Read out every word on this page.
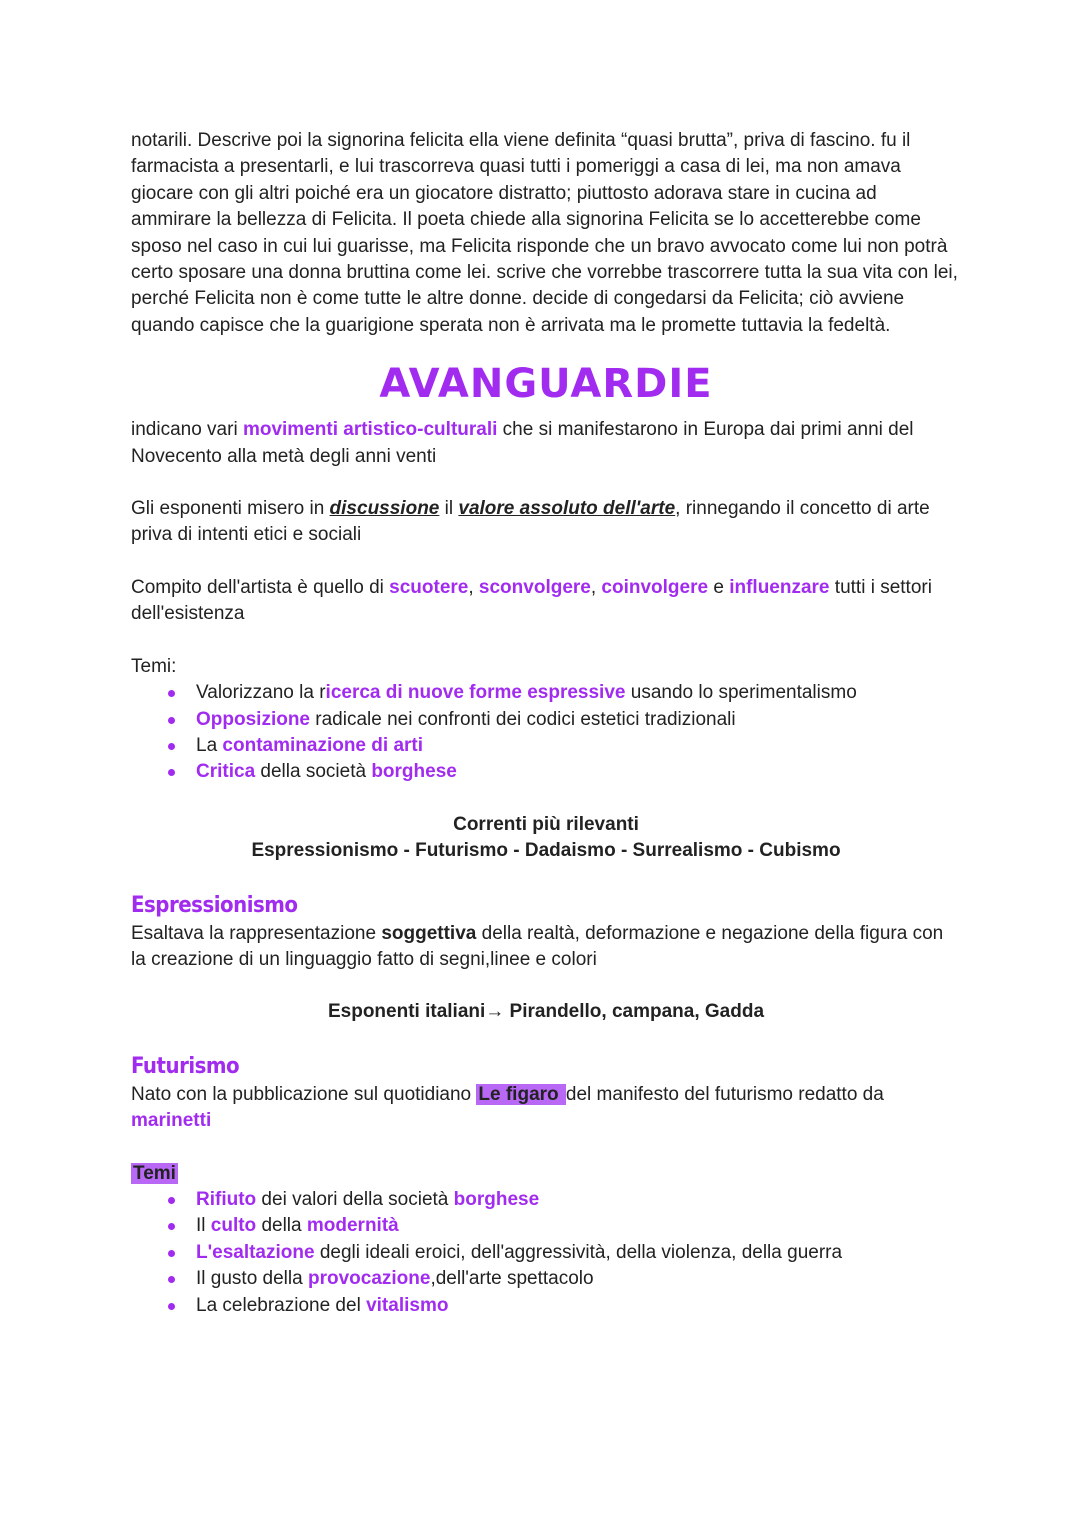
notarili. Descrive poi la signorina felicita ella viene definita “quasi brutta”, priva di fascino. fu il farmacista a presentarli, e lui trascorreva quasi tutti i pomeriggi a casa di lei, ma non amava giocare con gli altri poiché era un giocatore distratto; piuttosto adorava stare in cucina ad ammirare la bellezza di Felicita. Il poeta chiede alla signorina Felicita se lo accetterebbe come sposo nel caso in cui lui guarisse, ma Felicita risponde che un bravo avvocato come lui non potrà certo sposare una donna bruttina come lei. scrive che vorrebbe trascorrere tutta la sua vita con lei, perché Felicita non è come tutte le altre donne. decide di congedarsi da Felicita; ciò avviene quando capisce che la guarigione sperata non è arrivata ma le promette tuttavia la fedeltà.

AVANGUARDIE

indicano vari movimenti artistico-culturali che si manifestarono in Europa dai primi anni del Novecento alla metà degli anni venti

Gli esponenti misero in discussione il valore assoluto dell'arte, rinnegando il concetto di arte priva di intenti etici e sociali

Compito dell'artista è quello di scuotere, sconvolgere, coinvolgere e influenzare tutti i settori dell'esistenza

Temi:

Valorizzano la ricerca di nuove forme espressive usando lo sperimentalismo
Opposizione radicale nei confronti dei codici estetici tradizionali
La contaminazione di arti
Critica della società borghese

Correnti più rilevanti

Espressionismo - Futurismo - Dadaismo - Surrealismo - Cubismo

Espressionismo

Esaltava la rappresentazione soggettiva della realtà, deformazione e negazione della figura con la creazione di un linguaggio fatto di segni,linee e colori

Esponenti italiani→ Pirandello, campana, Gadda

Futurismo

Nato con la pubblicazione sul quotidiano Le figaro del manifesto del futurismo redatto da marinetti

Temi

Rifiuto dei valori della società borghese
Il culto della modernità
L'esaltazione degli ideali eroici, dell'aggressività, della violenza, della guerra
Il gusto della provocazione,dell'arte spettacolo
La celebrazione del vitalismo
